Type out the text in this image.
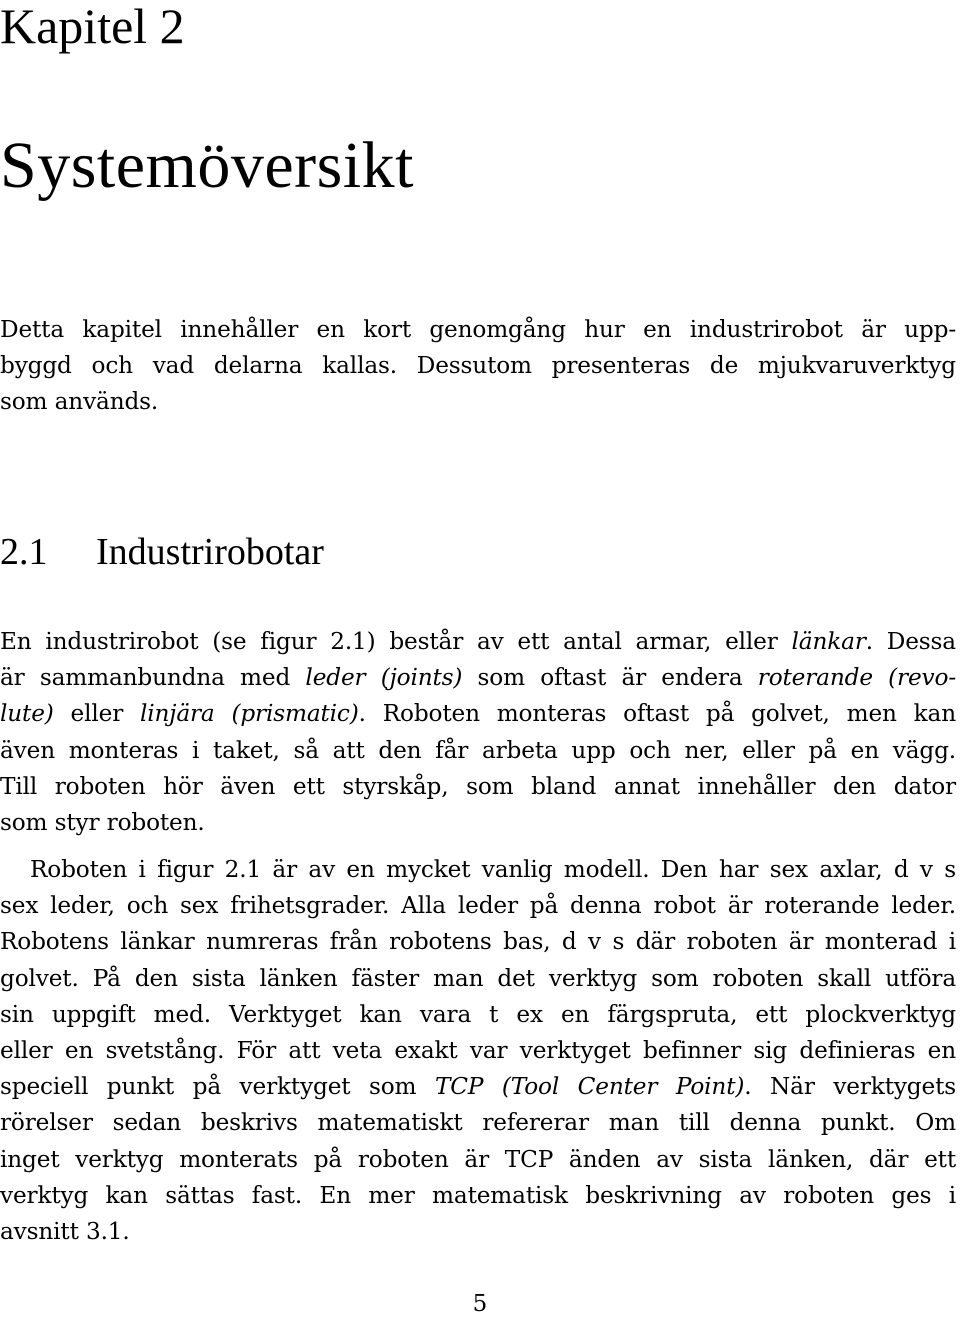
Kapitel 2
Systemöversikt

Detta kapitel innehåller en kort genomgång hur en industrirobot är upp-
byggd och vad delarna kallas. Dessutom presenteras de mjukvaruverktyg
som används.

2.1 Industrirobotar

En industrirobot (se figur 2.1) består av ett antal armar, eller länkar. Dessa
är sammanbundna med leder (joints) som oftast är endera roterande (revo-
lute) eller linjära (prismatic). Roboten monteras oftast på golvet, men kan
även monteras i taket, så att den får arbeta upp och ner, eller på en vägg.
Till roboten hör även ett styrskåp, som bland annat innehåller den dator
som styr roboten.

Roboten i figur 2.1 är av en mycket vanlig modell. Den har sex axlar, d v s
sex leder, och sex frihetsgrader. Alla leder på denna robot är roterande leder.
Robotens länkar numreras från robotens bas, d v s där roboten är monterad i
golvet. På den sista länken fäster man det verktyg som roboten skall utföra
sin uppgift med. Verktyget kan vara t ex en färgspruta, ett plockverktyg
eller en svetstång. För att veta exakt var verktyget befinner sig definieras en
speciell punkt på verktyget som TCP (Tool Center Point). När verktygets
rörelser sedan beskrivs matematiskt refererar man till denna punkt. Om
inget verktyg monterats på roboten är TCP änden av sista länken, där ett
verktyg kan sättas fast. En mer matematisk beskrivning av roboten ges i
avsnitt 3.1.

5
